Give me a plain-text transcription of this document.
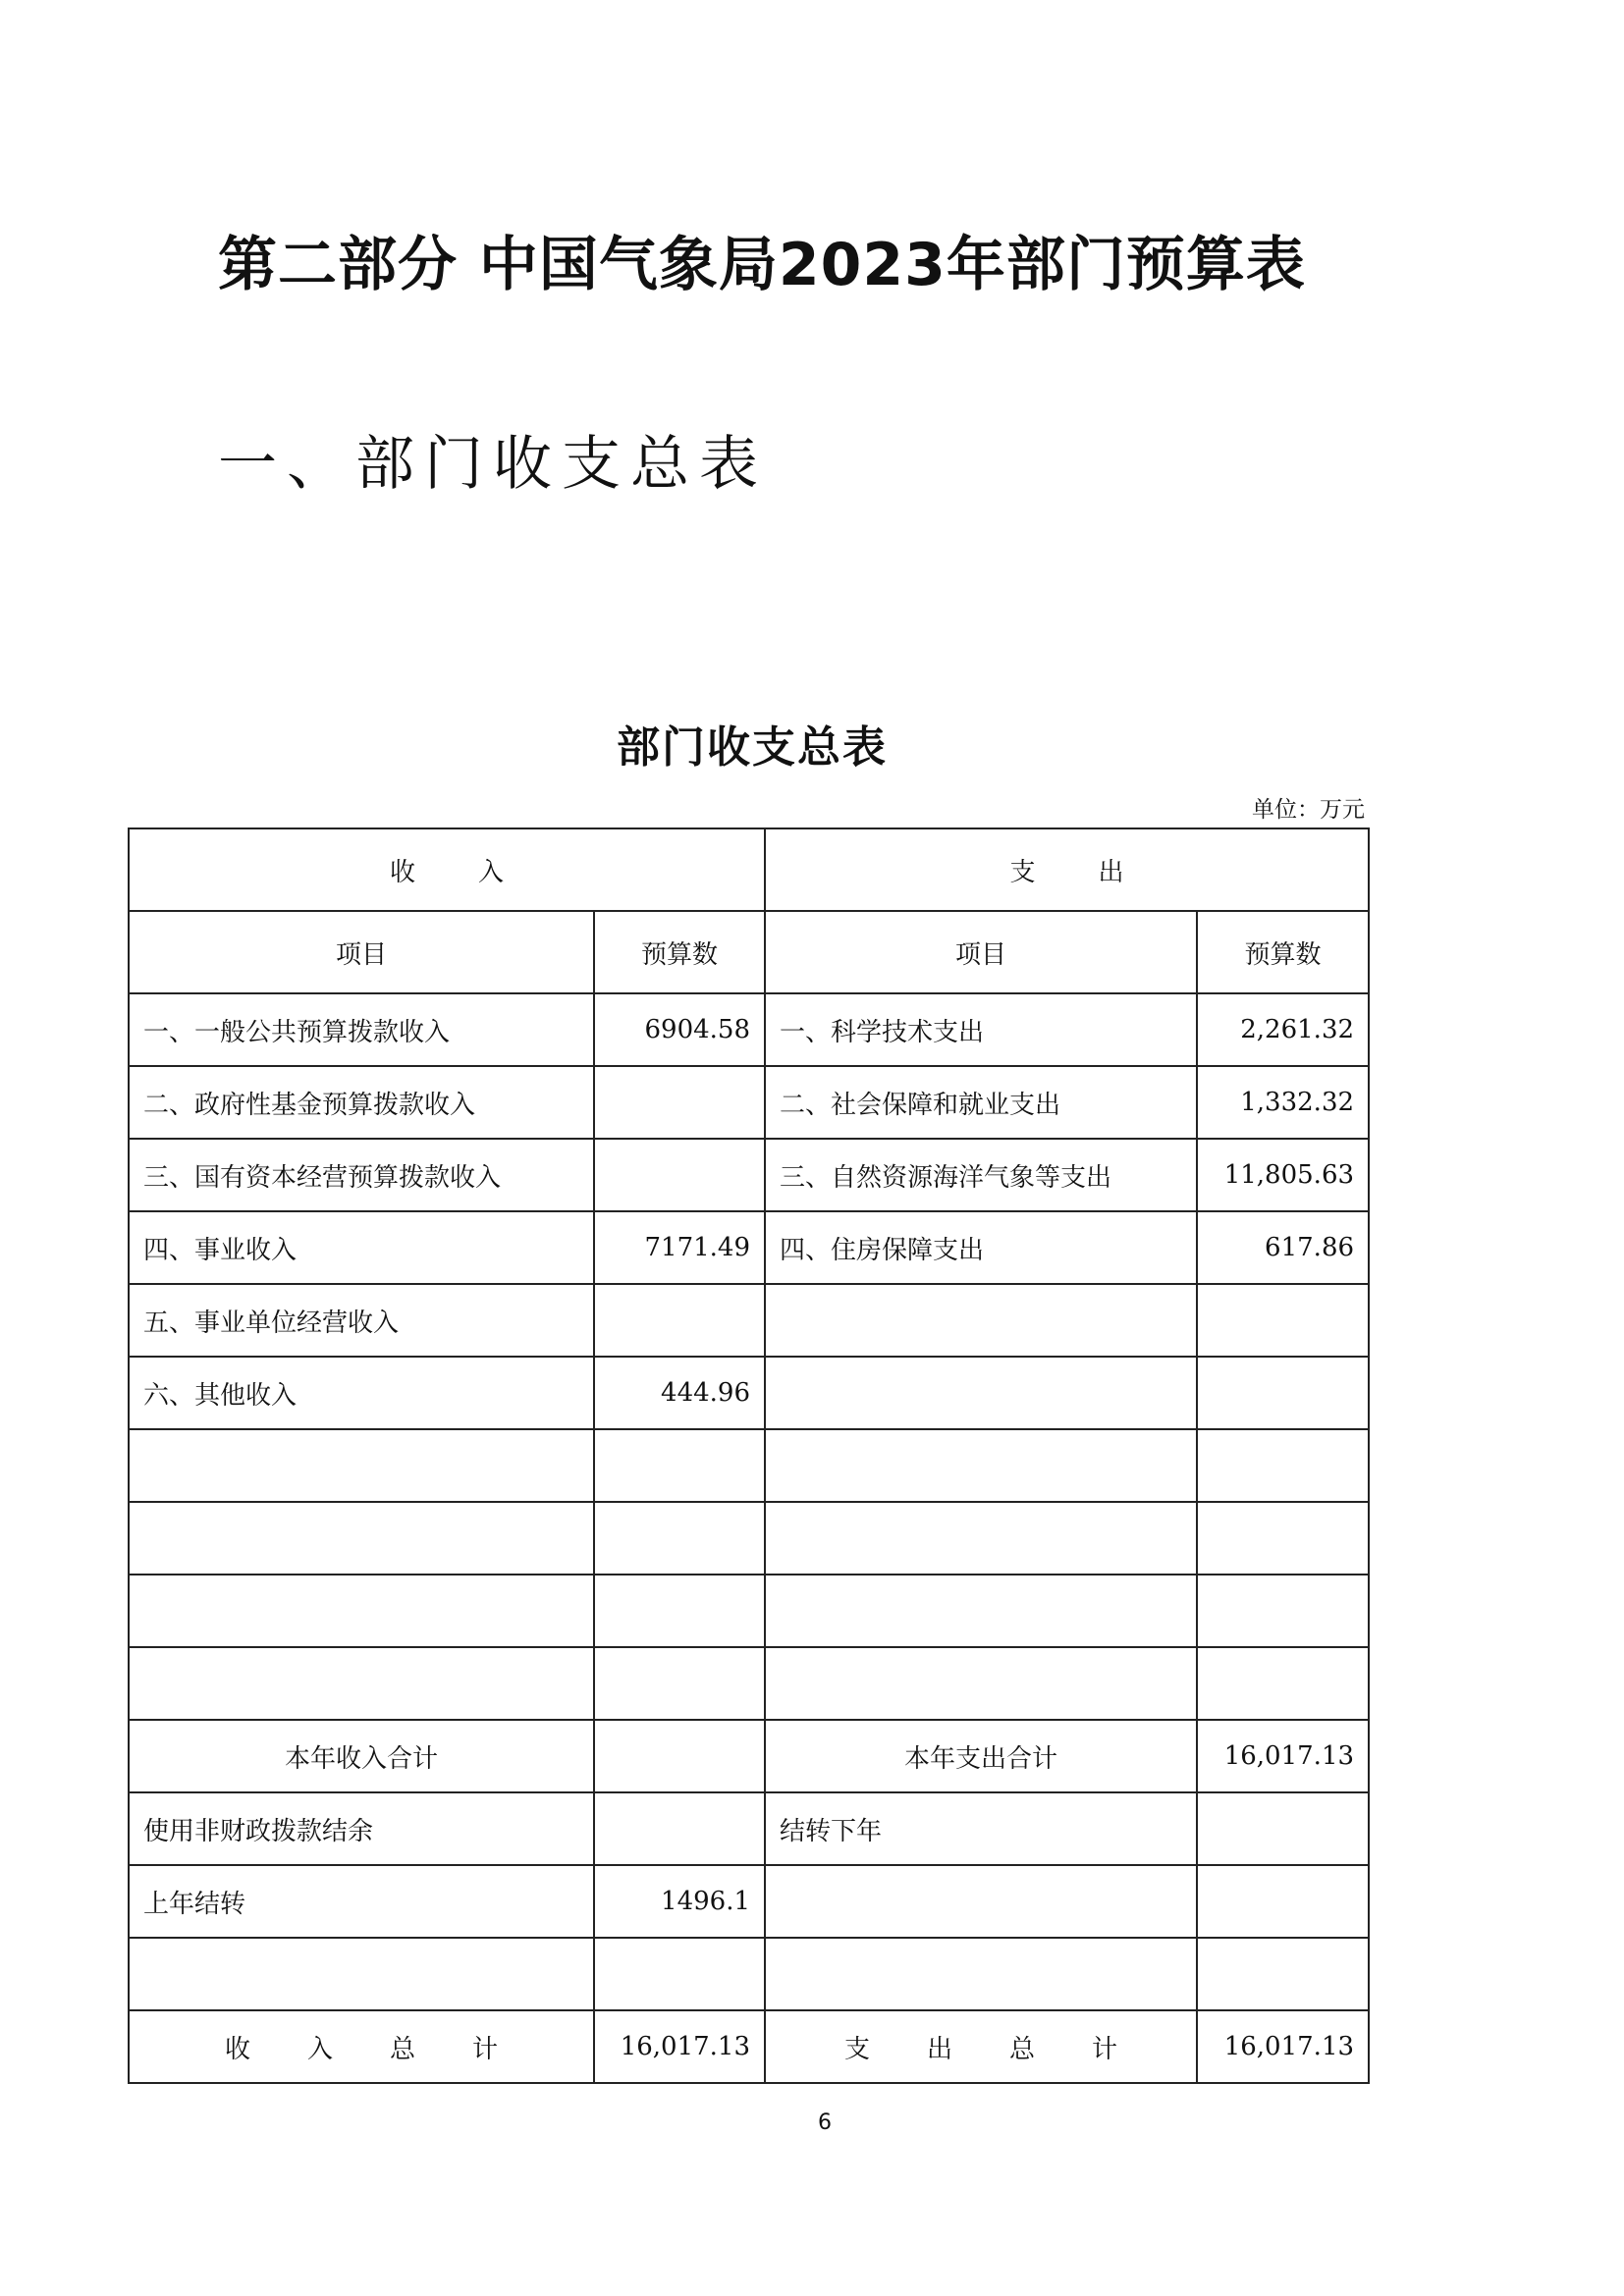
第二部分 中国气象局2023年部门预算表
一、部门收支总表
部门收支总表
单位：万元
收入		支出	
项目	预算数	项目	预算数
一、一般公共预算拨款收入	6904.58	一、科学技术支出	2,261.32
二、政府性基金预算拨款收入		二、社会保障和就业支出	1,332.32
三、国有资本经营预算拨款收入		三、自然资源海洋气象等支出	11,805.63
四、事业收入	7171.49	四、住房保障支出	617.86
五、事业单位经营收入			
六、其他收入	444.96		

本年收入合计		本年支出合计	16,017.13
使用非财政拨款结余		结转下年	
上年结转	1496.1		

收入总计	16,017.13	支出总计	16,017.13
6
